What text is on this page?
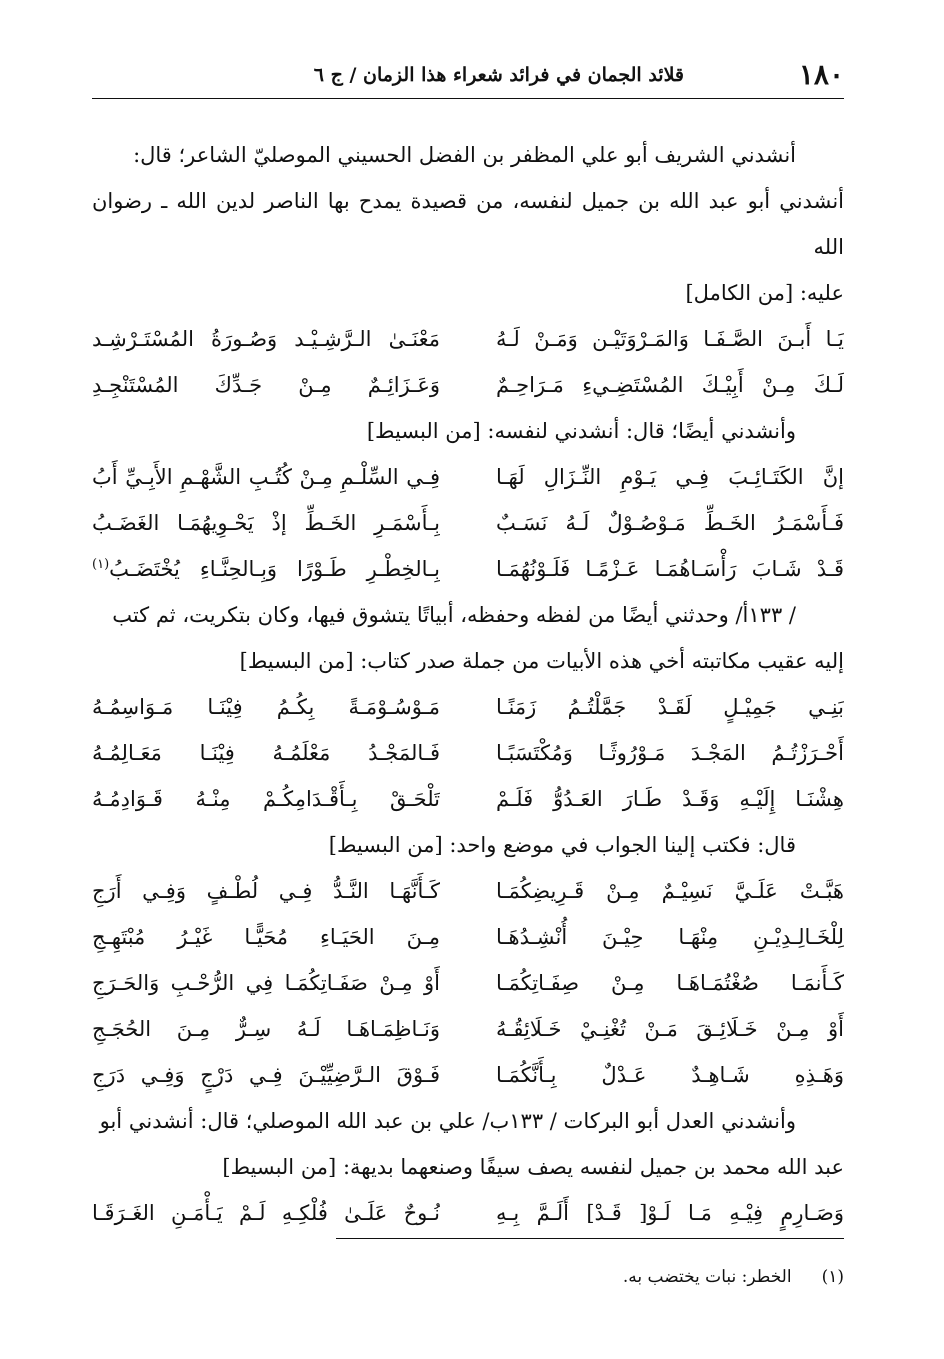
١٨٠
قلائد الجمان في فرائد شعراء هذا الزمان / ج ٦

أنشدني الشريف أبو علي المظفر بن الفضل الحسيني الموصليّ الشاعر؛ قال:
أنشدني أبو عبد الله بن جميل لنفسه، من قصيدة يمدح بها الناصر لدين الله ـ رضوان الله
عليه: [من الكامل]

يَـا أَبـنَ الصَّـفَـا وَالمَـرْوَتَيْـن وَمَـنْ لَـهُ
مَعْنَـىٰ الـرَّشِـيْـد وَصُـورَةُ المُسْتَـرْشِـد
لَـكَ مِـنْ أَبِيْـكَ المُسْتَضِـيءِ مَـرَاحِـمٌ
وَعَـزَائِـمٌ مِـنْ جَـدِّكَ المُسْتَنْجِـدِ

وأنشدني أيضًا؛ قال: أنشدني لنفسه: [من البسيط]

إنَّ الكَتَـائِـبَ فِـي يَـوْمِ النِّـزَالِ لَهَـا
فِـي السِّلْـمِ مِـنْ كُتُـبِ الشَّهْـمِ الأَبِـيِّ أَبُ
فَـأَسْمَـرُ الخَـطِّ مَـوْصُـوْلٌ لَـهُ نَسَـبٌ
بِـأَسْمَـرِ الخَـطِّ إذْ يَحْـوِيهُمَـا الغَضَـبُ
قَـدْ شَـابَ رَأْسَـاهُمَـا عَـزْمًـا فَلَـوْنُهُمَـا
بِـالخِطْـرِ طَـوْرًا وَبِـالحِنَّـاءِ يُخْتَضَـبُ$^{(١)}$

/ ١٣٣أ/ وحدثني أيضًا من لفظه وحفظه، أبياتًا يتشوق فيها، وكان بتكريت، ثم كتب
إليه عقيب مكاتبته أخي هذه الأبيات من جملة صدر كتاب: [من البسيط]

بَنِـي جَمِيْـلٍ لَقَـدْ جَمَّلْتُـمُ زَمَنًـا
مَـوْسُـوْمَـةً بِكُـمُ فِيْنَـا مَـوَاسِمُـهُ
أَحْـرَزْتُـمُ المَجْـدَ مَـوْرُوثًـا وَمُكْتَسَبًـا
فَـالمَجْـدُ مَعْلَمُـهُ فِيْنَـا مَعَـالِمُـهُ
هِشْنَـا إِلَيْـهِ وَقَـدْ طَـارَ العَـدُوُّ فَلَـمْ
تَلْحَـقْ بِـأَقْـدَامِكُـمْ مِنْـهُ قَـوَادِمُـهُ

قال: فكتب إلينا الجواب في موضع واحد: [من البسيط]

هَبَّـتْ عَلَـيَّ نَسِيْـمٌ مِـنْ قَـرِيضِكُمَـا
كَـأَنَّهَـا النَّـدُّ فِـي لُطْـفٍ وَفِـي أَرَجِ
لِلْخَـالِـدِيْـنِ مِنْهَـا حِيْـنَ أُنْشِـدُهَـا
مِـنَ الحَيَـاءِ مُحَيًّـا غَيْـرُ مُبْتَهِـجِ
كَـأَنمَـا صُغْتُمَـاهَـا مِـنْ صِفَـاتِكُمَـا
أَوْ مِـنْ صَفَـاتِكُمَـا فِي الرُّحْـبِ وَالحَـرَجِ
أَوْ مِـنْ خَـلَائِـقَ مَـنْ تُغْنِـيْ خَـلَائِقُـهُ
وَنَـاظِمَـاهَـا لَـهُ سِـرٌّ مِـنَ الحُجَـجِ
وَهَـذِهِ شَـاهِـدٌ عَـدْلٌ بِـأَنَّكُمَـا
فَـوْقَ الـرَّضِيِّيْـنَ فِـي دَرْجٍ وَفِـي دَرَجِ

وأنشدني العدل أبو البركات / ١٣٣ب/ علي بن عبد الله الموصلي؛ قال: أنشدني أبو
عبد الله محمد بن جميل لنفسه يصف سيفًا وصنعهما بديهة: [من البسيط]

وَصَـارِمٍ فِيْـهِ مَـا لَـوْ[ قَـدْ] أَلَـمَّ بِـهِ
نُـوحٌ عَلَـىٰ فُلْكِـهِ لَـمْ يَـأْمَـنِ الغَـرَقَـا
(١)الخطر: نبات يختضب به.
